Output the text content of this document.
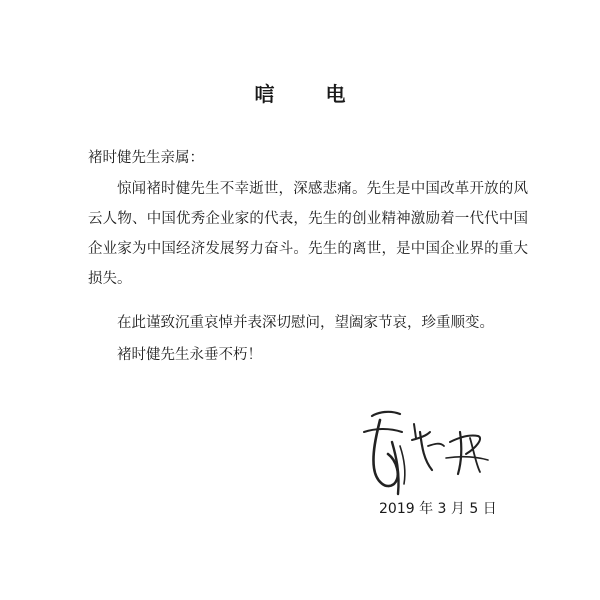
唁 电
褚时健先生亲属：
惊闻褚时健先生不幸逝世，深感悲痛。先生是中国改革开放的风云人物、中国优秀企业家的代表，先生的创业精神激励着一代代中国企业家为中国经济发展努力奋斗。先生的离世，是中国企业界的重大损失。
在此谨致沉重哀悼并表深切慰问，望阖家节哀，珍重顺变。
褚时健先生永垂不朽！
2019 年 3 月 5 日
